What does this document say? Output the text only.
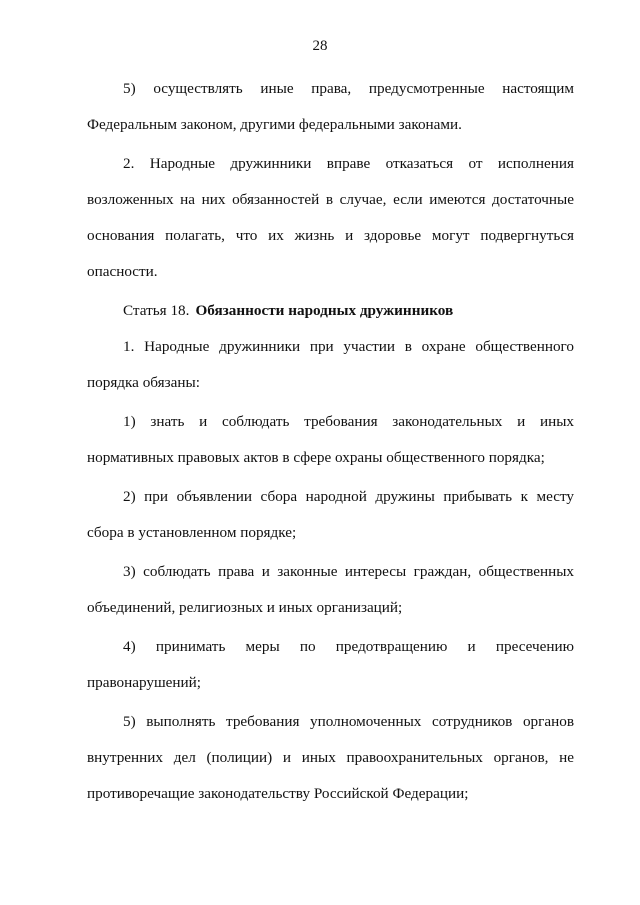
28

5) осуществлять иные права, предусмотренные настоящим Федеральным законом, другими федеральными законами.

2. Народные дружинники вправе отказаться от исполнения возложенных на них обязанностей в случае, если имеются достаточные основания полагать, что их жизнь и здоровье могут подвергнуться опасности.

Статья 18. Обязанности народных дружинников

1. Народные дружинники при участии в охране общественного порядка обязаны:

1) знать и соблюдать требования законодательных и иных нормативных правовых актов в сфере охраны общественного порядка;

2) при объявлении сбора народной дружины прибывать к месту сбора в установленном порядке;

3) соблюдать права и законные интересы граждан, общественных объединений, религиозных и иных организаций;

4) принимать меры по предотвращению и пресечению правонарушений;

5) выполнять требования уполномоченных сотрудников органов внутренних дел (полиции) и иных правоохранительных органов, не противоречащие законодательству Российской Федерации;
